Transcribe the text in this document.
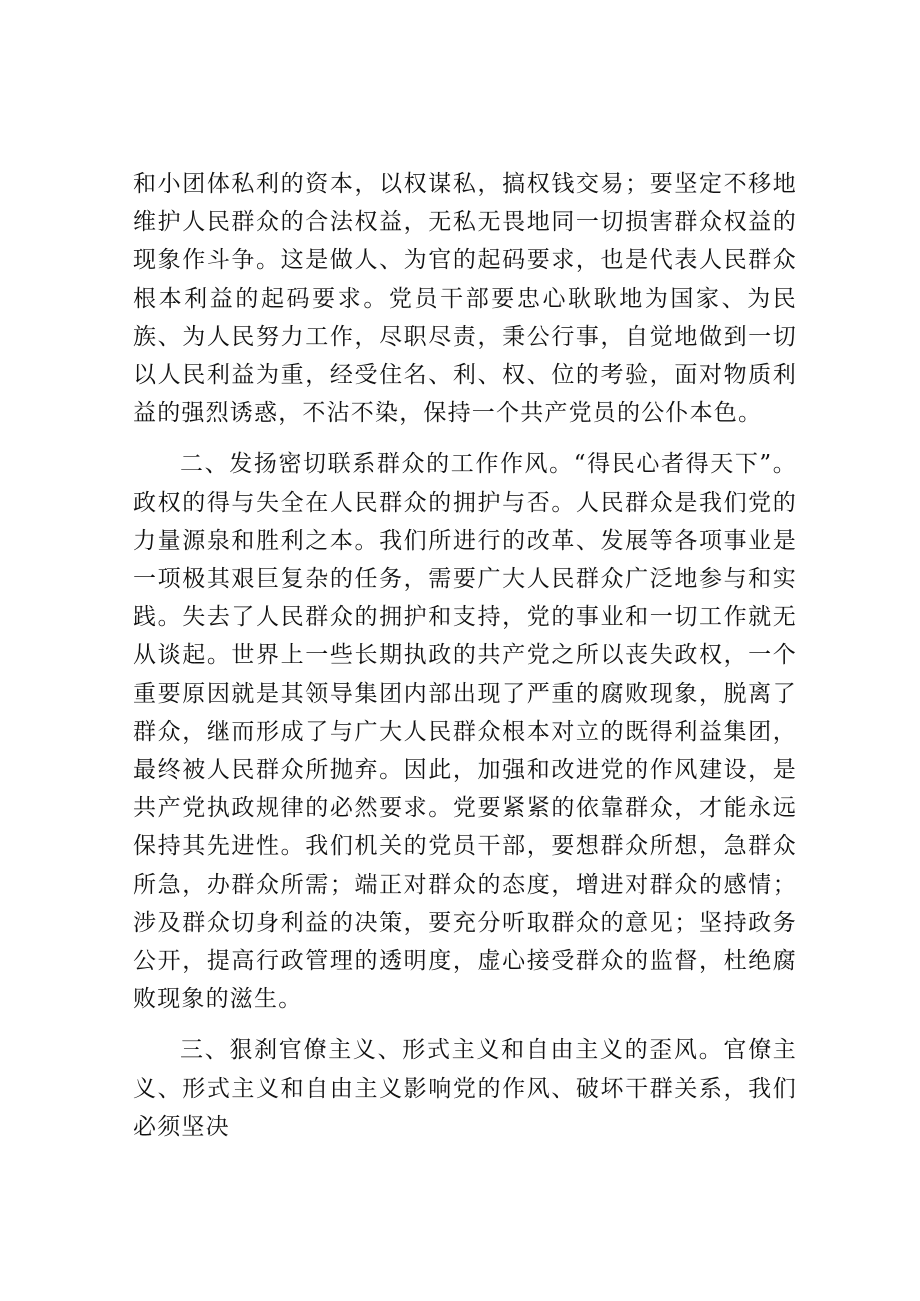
和小团体私利的资本，以权谋私，搞权钱交易；要坚定不移地维护人民群众的合法权益，无私无畏地同一切损害群众权益的现象作斗争。这是做人、为官的起码要求，也是代表人民群众根本利益的起码要求。党员干部要忠心耿耿地为国家、为民族、为人民努力工作，尽职尽责，秉公行事，自觉地做到一切以人民利益为重，经受住名、利、权、位的考验，面对物质利益的强烈诱惑，不沾不染，保持一个共产党员的公仆本色。

二、发扬密切联系群众的工作作风。“得民心者得天下”。政权的得与失全在人民群众的拥护与否。人民群众是我们党的力量源泉和胜利之本。我们所进行的改革、发展等各项事业是一项极其艰巨复杂的任务，需要广大人民群众广泛地参与和实践。失去了人民群众的拥护和支持，党的事业和一切工作就无从谈起。世界上一些长期执政的共产党之所以丧失政权，一个重要原因就是其领导集团内部出现了严重的腐败现象，脱离了群众，继而形成了与广大人民群众根本对立的既得利益集团，最终被人民群众所抛弃。因此，加强和改进党的作风建设，是共产党执政规律的必然要求。党要紧紧的依靠群众，才能永远保持其先进性。我们机关的党员干部，要想群众所想，急群众所急，办群众所需；端正对群众的态度，增进对群众的感情；涉及群众切身利益的决策，要充分听取群众的意见；坚持政务公开，提高行政管理的透明度，虚心接受群众的监督，杜绝腐败现象的滋生。

三、狠刹官僚主义、形式主义和自由主义的歪风。官僚主义、形式主义和自由主义影响党的作风、破坏干群关系，我们必须坚决
